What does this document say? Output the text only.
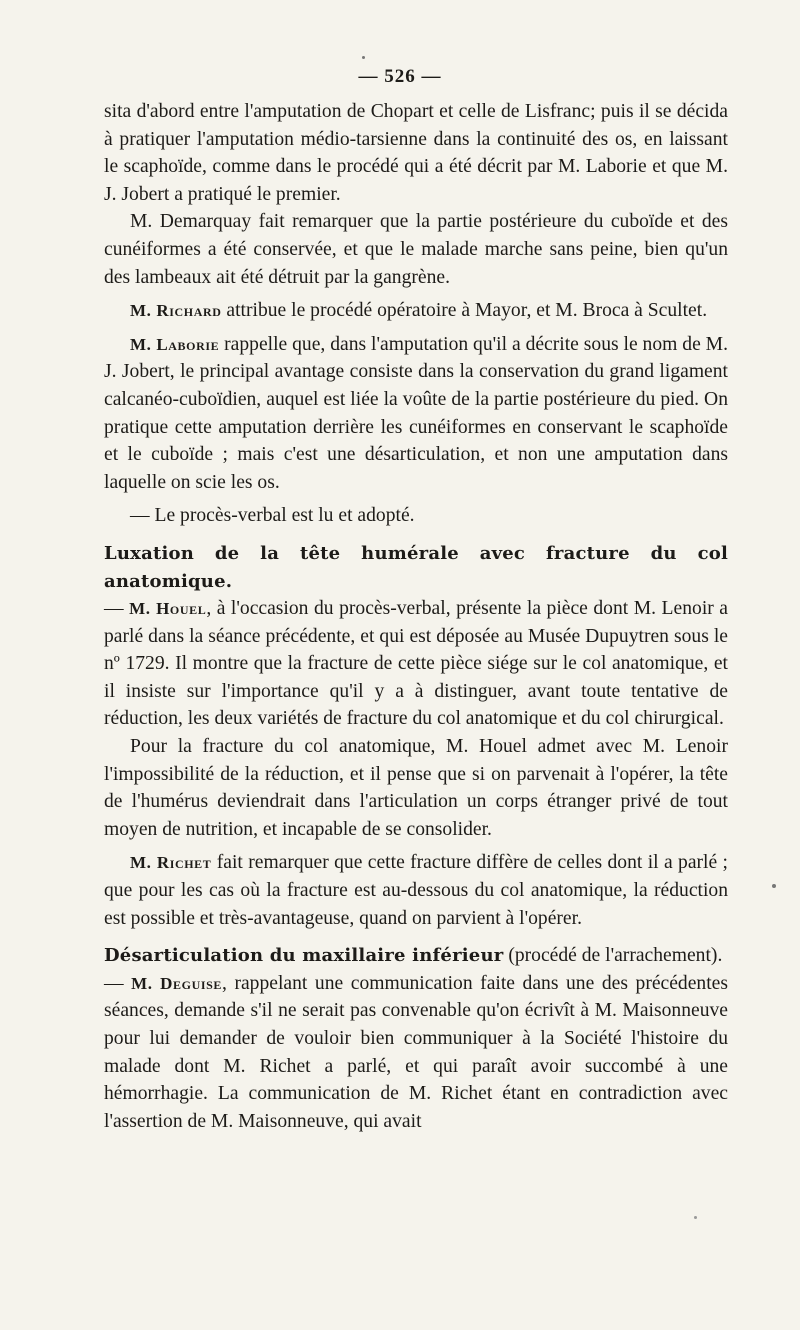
— 526 —

sita d'abord entre l'amputation de Chopart et celle de Lisfranc; puis il se décida à pratiquer l'amputation médio-tarsienne dans la continuité des os, en laissant le scaphoïde, comme dans le procédé qui a été décrit par M. Laborie et que M. J. Jobert a pratiqué le premier.

M. Demarquay fait remarquer que la partie postérieure du cuboïde et des cunéiformes a été conservée, et que le malade marche sans peine, bien qu'un des lambeaux ait été détruit par la gangrène.

M. Richard attribue le procédé opératoire à Mayor, et M. Broca à Scultet.

M. Laborie rappelle que, dans l'amputation qu'il a décrite sous le nom de M. J. Jobert, le principal avantage consiste dans la conservation du grand ligament calcanéo-cuboïdien, auquel est liée la voûte de la partie postérieure du pied. On pratique cette amputation derrière les cunéiformes en conservant le scaphoïde et le cuboïde ; mais c'est une désarticulation, et non une amputation dans laquelle on scie les os.

— Le procès-verbal est lu et adopté.

Luxation de la tête humérale avec fracture du col anatomique.

— M. Houel, à l'occasion du procès-verbal, présente la pièce dont M. Lenoir a parlé dans la séance précédente, et qui est déposée au Musée Dupuytren sous le nº 1729. Il montre que la fracture de cette pièce siége sur le col anatomique, et il insiste sur l'importance qu'il y a à distinguer, avant toute tentative de réduction, les deux variétés de fracture du col anatomique et du col chirurgical.

Pour la fracture du col anatomique, M. Houel admet avec M. Lenoir l'impossibilité de la réduction, et il pense que si on parvenait à l'opérer, la tête de l'humérus deviendrait dans l'articulation un corps étranger privé de tout moyen de nutrition, et incapable de se consolider.

M. Richet fait remarquer que cette fracture diffère de celles dont il a parlé ; que pour les cas où la fracture est au-dessous du col anatomique, la réduction est possible et très-avantageuse, quand on parvient à l'opérer.

Désarticulation du maxillaire inférieur (procédé de l'arrachement).

— M. Deguise, rappelant une communication faite dans une des précédentes séances, demande s'il ne serait pas convenable qu'on écrivît à M. Maisonneuve pour lui demander de vouloir bien communiquer à la Société l'histoire du malade dont M. Richet a parlé, et qui paraît avoir succombé à une hémorrhagie. La communication de M. Richet étant en contradiction avec l'assertion de M. Maisonneuve, qui avait
